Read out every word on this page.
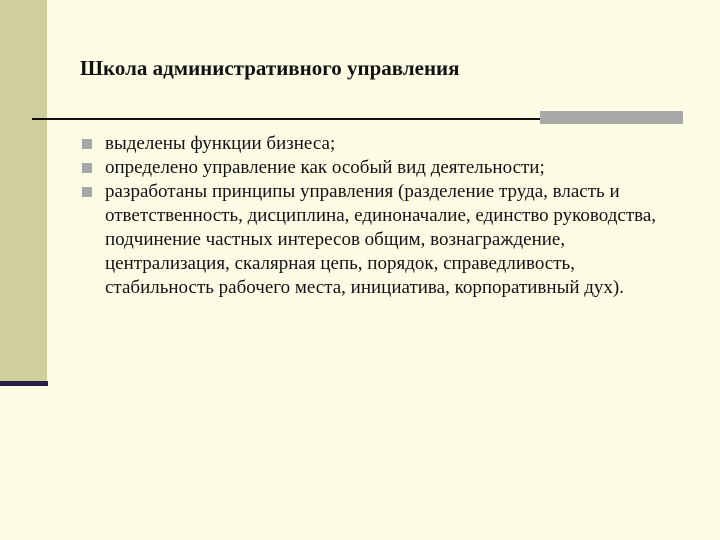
Школа административного управления
выделены функции бизнеса;
определено управление как особый вид деятельности;
разработаны принципы управления (разделение труда, власть и ответственность, дисциплина, единоначалие, единство руководства, подчинение частных интересов общим, вознаграждение, централизация, скалярная цепь, порядок, справедливость, стабильность рабочего места, инициатива, корпоративный дух).
